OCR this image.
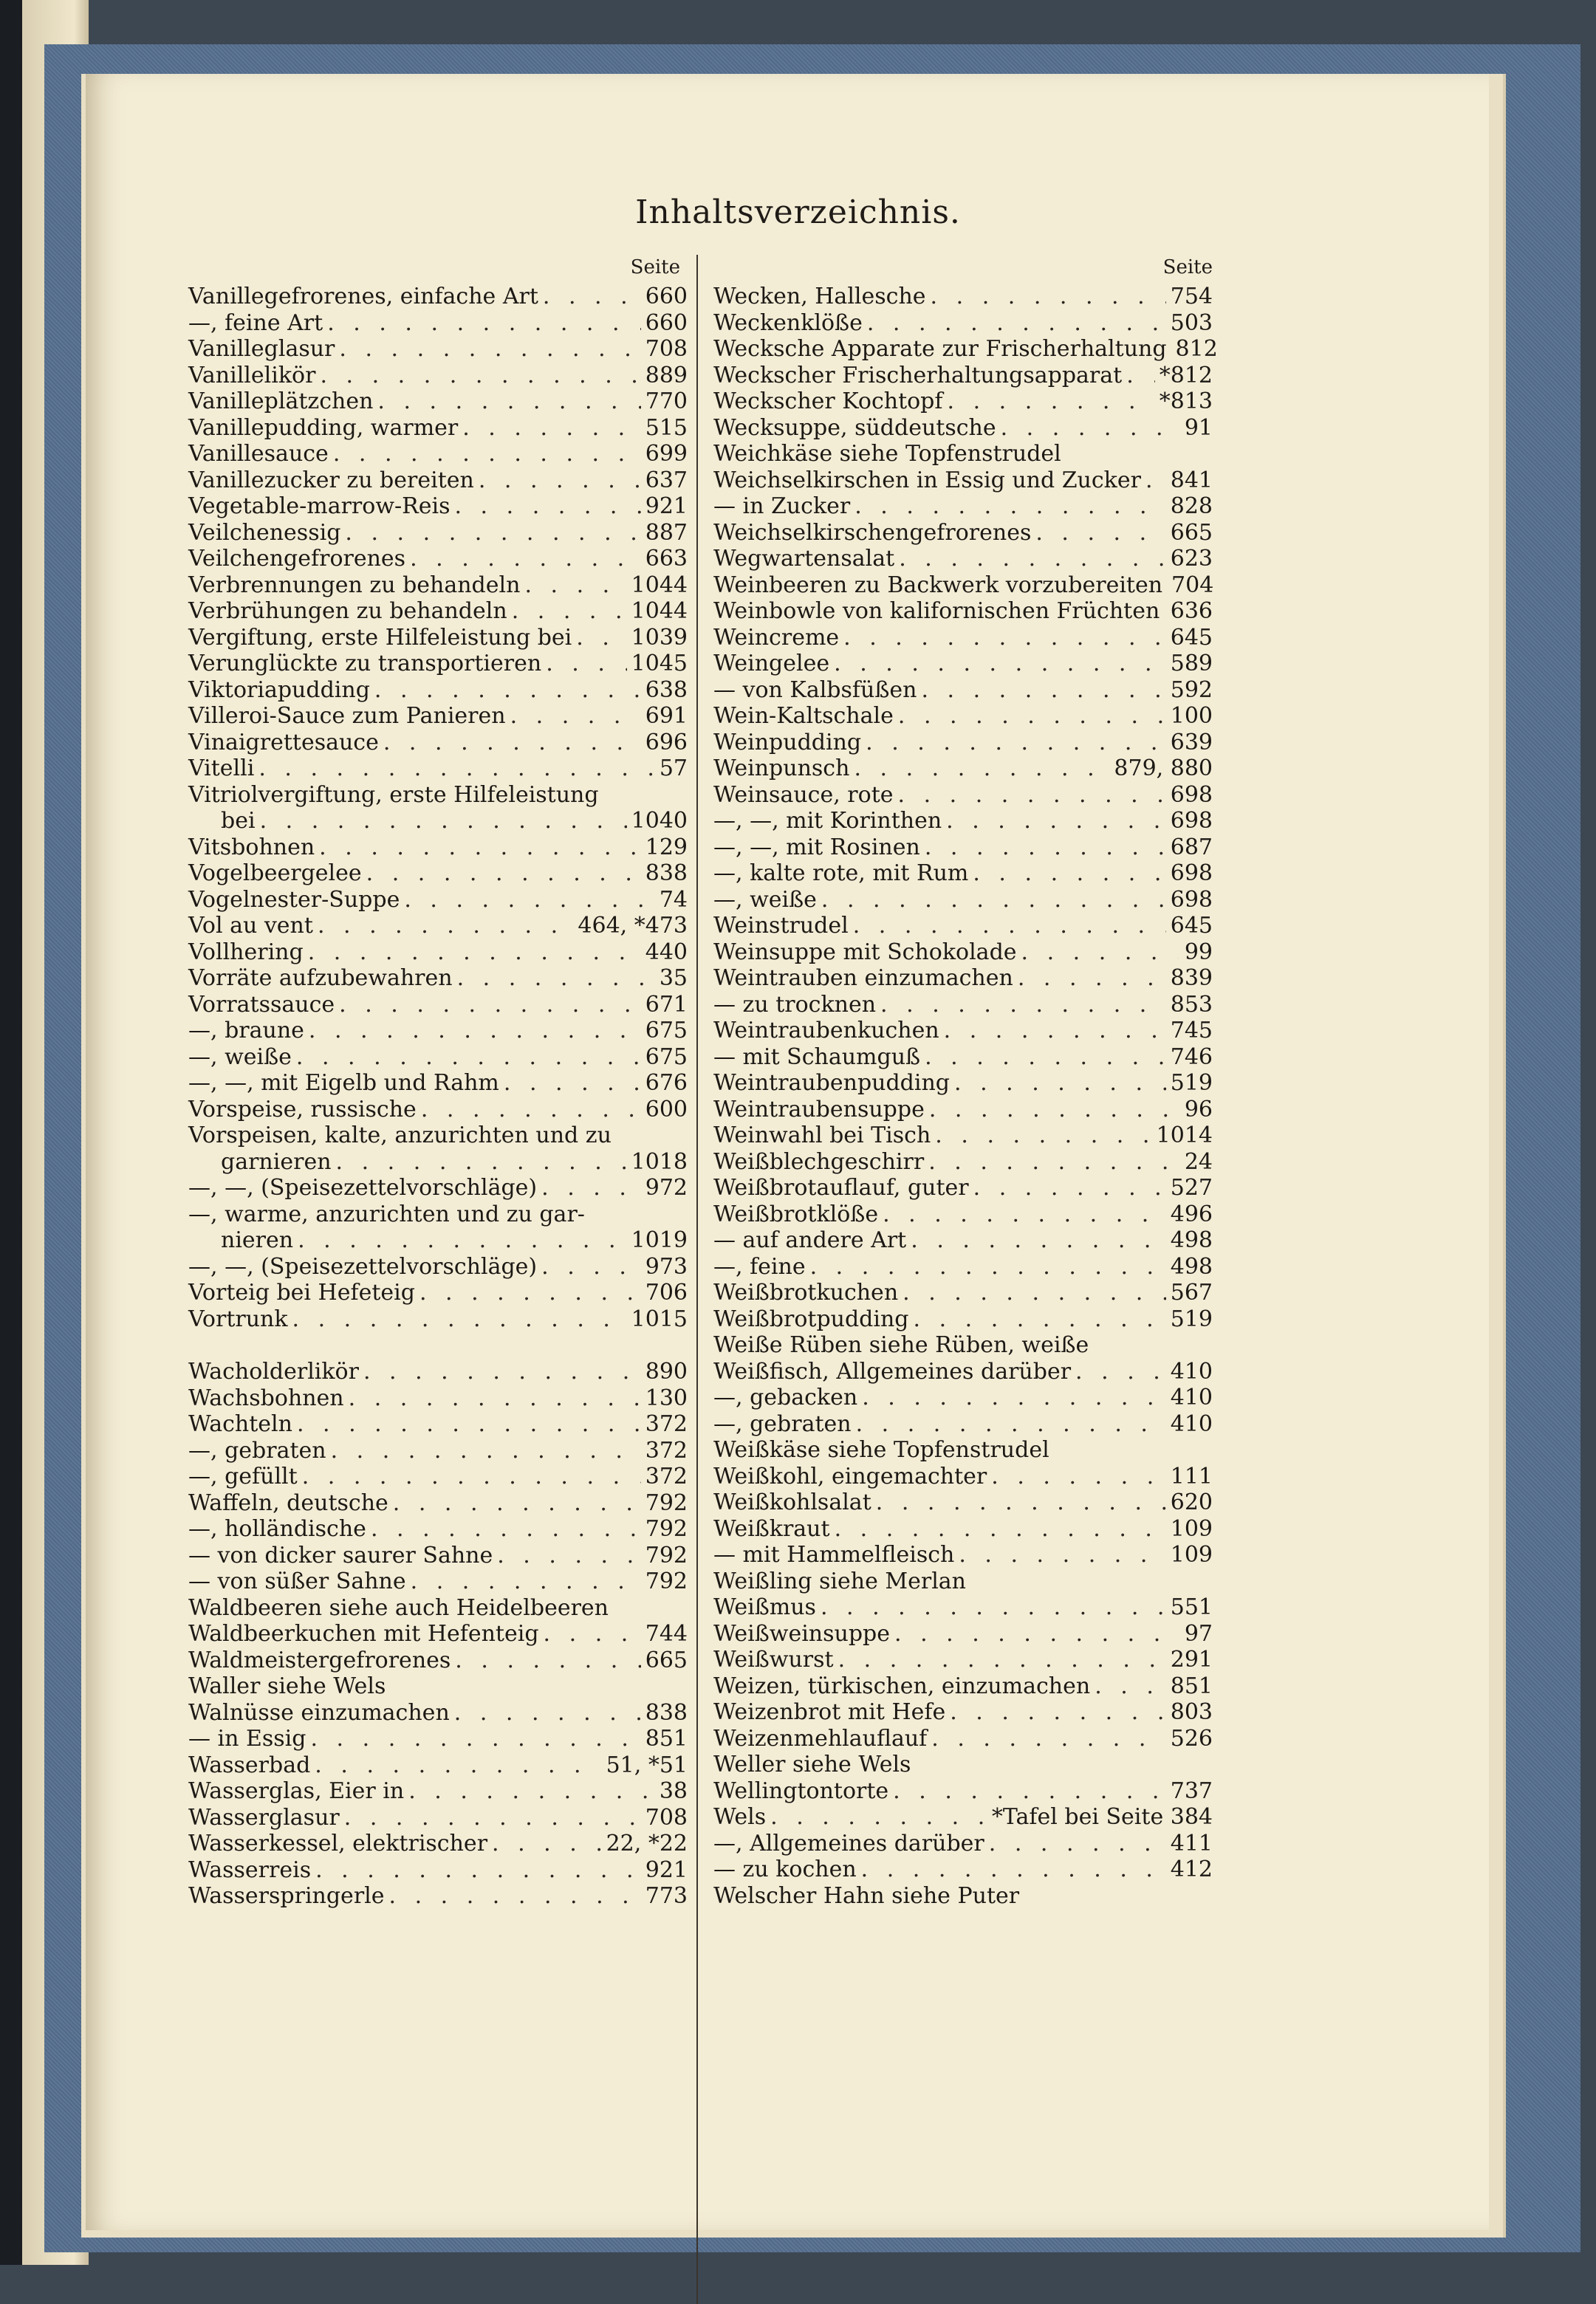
Inhaltsverzeichnis.
Seite
Vanillegefrorenes, einfache Art . . .	660
—, feine Art . . .	660
Vanilleglasur . . .	708
Vanillelikör . . .	889
Vanilleplätzchen . . .	770
Vanillepudding, warmer . . .	515
Vanillesauce . . .	699
Vanillezucker zu bereiten . . .	637
Vegetable-marrow-Reis . . .	921
Veilchenessig . . .	887
Veilchengefrorenes . . .	663
Verbrennungen zu behandeln . . .	1044
Verbrühungen zu behandeln . . .	1044
Vergiftung, erste Hilfeleistung bei . . .	1039
Verunglückte zu transportieren . . .	1045
Viktoriapudding . . .	638
Villeroi-Sauce zum Panieren . . .	691
Vinaigrettesauce . . .	696
Vitelli . . .	57
Vitriolvergiftung, erste Hilfeleistung
bei . . .	1040
Vitsbohnen . . .	129
Vogelbeergelee . . .	838
Vogelnester-Suppe . . .	74
Vol au vent . . .	464, *473
Vollhering . . .	440
Vorräte aufzubewahren . . .	35
Vorratssauce . . .	671
—, braune . . .	675
—, weiße . . .	675
—, —, mit Eigelb und Rahm . . .	676
Vorspeise, russische . . .	600
Vorspeisen, kalte, anzurichten und zu
garnieren . . .	1018
—, —, (Speisezettelvorschläge) . . .	972
—, warme, anzurichten und zu gar-
nieren . . .	1019
—, —, (Speisezettelvorschläge) . . .	973
Vorteig bei Hefeteig . . .	706
Vortrunk . . .	1015
Wacholderlikör . . .	890
Wachsbohnen . . .	130
Wachteln . . .	372
—, gebraten . . .	372
—, gefüllt . . .	372
Waffeln, deutsche . . .	792
—, holländische . . .	792
— von dicker saurer Sahne . . .	792
— von süßer Sahne . . .	792
Waldbeeren siehe auch Heidelbeeren
Waldbeerkuchen mit Hefenteig . . .	744
Waldmeistergefrorenes . . .	665
Waller siehe Wels
Walnüsse einzumachen . . .	838
— in Essig . . .	851
Wasserbad . . .	51, *51
Wasserglas, Eier in . . .	38
Wasserglasur . . .	708
Wasserkessel, elektrischer . . .	22, *22
Wasserreis . . .	921
Wasserspringerle . . .	773
Seite
Wecken, Hallesche . . .	754
Weckenklöße . . .	503
Wecksche Apparate zur Frischerhaltung 812
Weckscher Frischerhaltungsapparat . . . *812
Weckscher Kochtopf . . .	*813
Wecksuppe, süddeutsche . . .	91
Weichkäse siehe Topfenstrudel
Weichselkirschen in Essig und Zucker . . . 841
— in Zucker . . .	828
Weichselkirschengefrorenes . . .	665
Wegwartensalat . . .	623
Weinbeeren zu Backwerk vorzubereiten 704
Weinbowle von kalifornischen Früchten . . . 636
Weincreme . . .	645
Weingelee . . .	589
— von Kalbsfüßen . . .	592
Wein-Kaltschale . . .	100
Weinpudding . . .	639
Weinpunsch . . .	879, 880
Weinsauce, rote . . .	698
—, —, mit Korinthen . . .	698
—, —, mit Rosinen . . .	687
—, kalte rote, mit Rum . . .	698
—, weiße . . .	698
Weinstrudel . . .	645
Weinsuppe mit Schokolade . . .	99
Weintrauben einzumachen . . .	839
— zu trocknen . . .	853
Weintraubenkuchen . . .	745
— mit Schaumguß . . .	746
Weintraubenpudding . . .	519
Weintraubensuppe . . .	96
Weinwahl bei Tisch . . .	1014
Weißblechgeschirr . . .	24
Weißbrotauflauf, guter . . .	527
Weißbrotklöße . . .	496
— auf andere Art . . .	498
—, feine . . .	498
Weißbrotkuchen . . .	567
Weißbrotpudding . . .	519
Weiße Rüben siehe Rüben, weiße
Weißfisch, Allgemeines darüber . . .	410
—, gebacken . . .	410
—, gebraten . . .	410
Weißkäse siehe Topfenstrudel
Weißkohl, eingemachter . . .	111
Weißkohlsalat . . .	620
Weißkraut . . .	109
— mit Hammelfleisch . . .	109
Weißling siehe Merlan
Weißmus . . .	551
Weißweinsuppe . . .	97
Weißwurst . . .	291
Weizen, türkischen, einzumachen . . .	851
Weizenbrot mit Hefe . . .	803
Weizenmehlauflauf . . .	526
Weller siehe Wels
Wellingtontorte . . .	737
Wels . . .	*Tafel bei Seite 384
—, Allgemeines darüber . . .	411
— zu kochen . . .	412
Welscher Hahn siehe Puter
